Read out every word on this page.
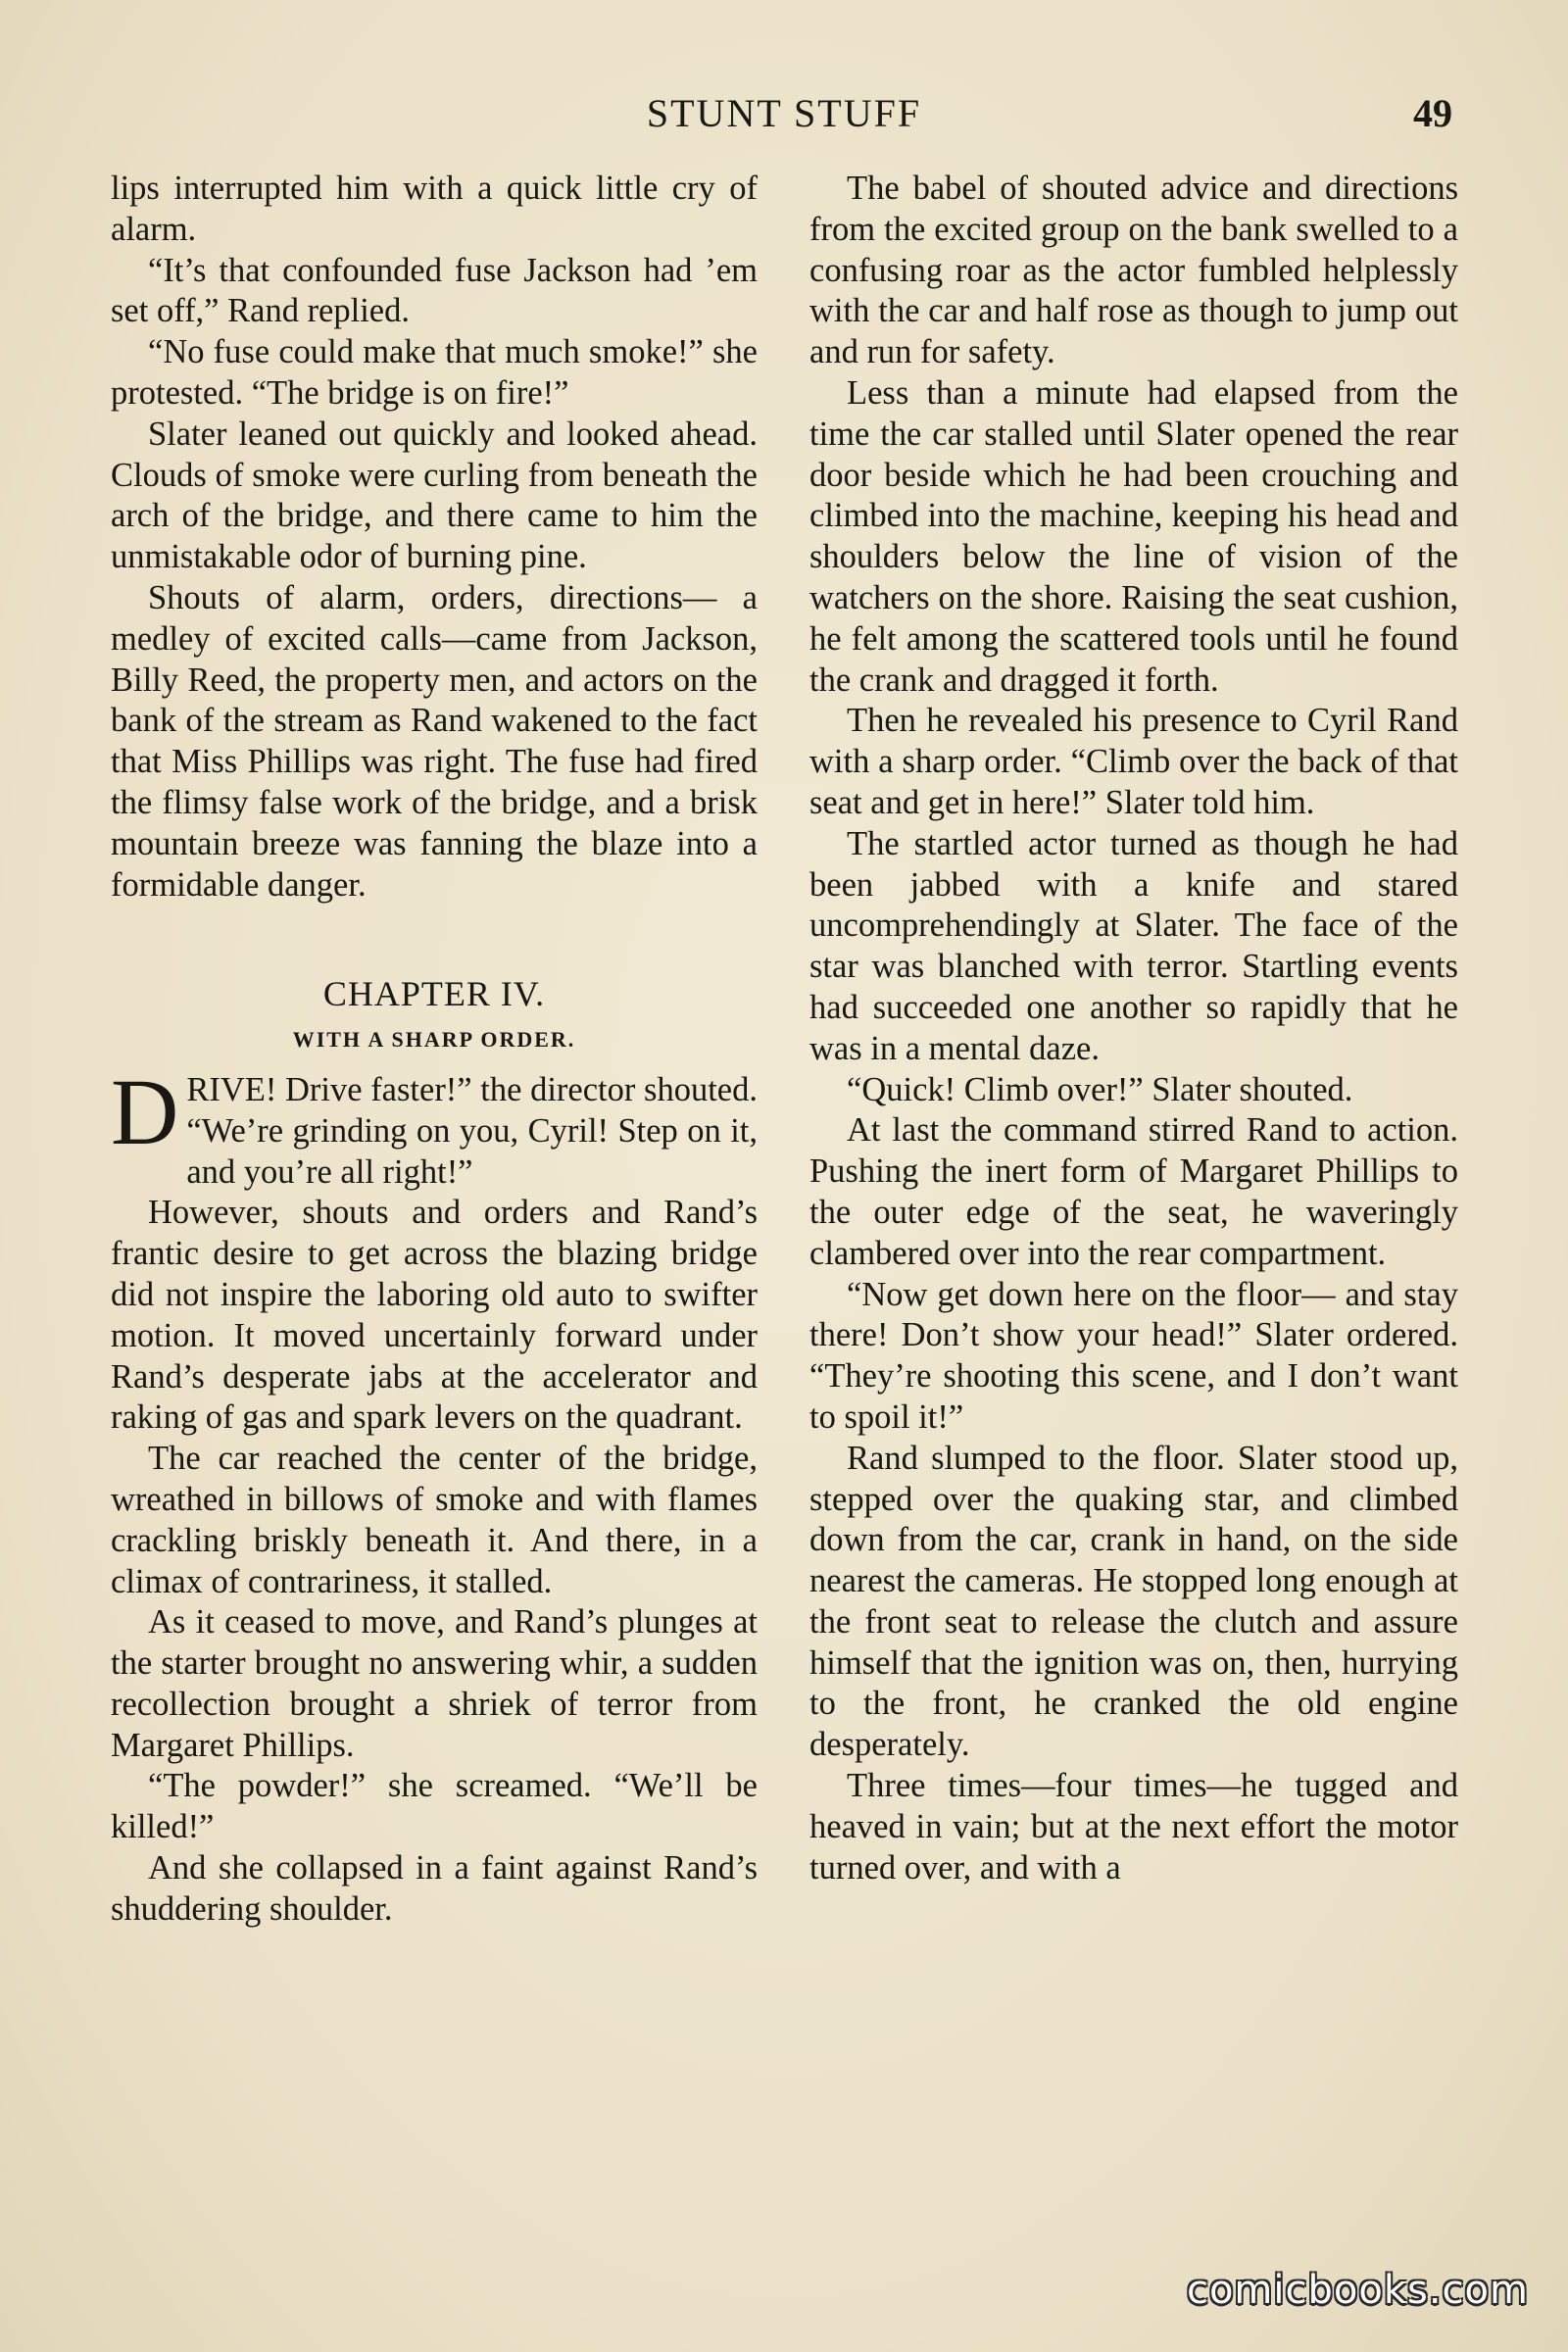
STUNT STUFF	49

lips interrupted him with a quick little cry of alarm.

“It’s that confounded fuse Jackson had ’em set off,” Rand replied.

“No fuse could make that much smoke!” she protested. “The bridge is on fire!”

Slater leaned out quickly and looked ahead. Clouds of smoke were curling from beneath the arch of the bridge, and there came to him the unmistakable odor of burning pine.

Shouts of alarm, orders, directions— a medley of excited calls—came from Jackson, Billy Reed, the property men, and actors on the bank of the stream as Rand wakened to the fact that Miss Phillips was right. The fuse had fired the flimsy false work of the bridge, and a brisk mountain breeze was fanning the blaze into a formidable danger.

CHAPTER IV.
WITH A SHARP ORDER.

DRIVE! Drive faster!” the director shouted. “We’re grinding on you, Cyril! Step on it, and you’re all right!”

However, shouts and orders and Rand’s frantic desire to get across the blazing bridge did not inspire the laboring old auto to swifter motion. It moved uncertainly forward under Rand’s desperate jabs at the accelerator and raking of gas and spark levers on the quadrant.

The car reached the center of the bridge, wreathed in billows of smoke and with flames crackling briskly beneath it. And there, in a climax of contrariness, it stalled.

As it ceased to move, and Rand’s plunges at the starter brought no answering whir, a sudden recollection brought a shriek of terror from Margaret Phillips.

“The powder!” she screamed. “We’ll be killed!”

And she collapsed in a faint against Rand’s shuddering shoulder.

The babel of shouted advice and directions from the excited group on the bank swelled to a confusing roar as the actor fumbled helplessly with the car and half rose as though to jump out and run for safety.

Less than a minute had elapsed from the time the car stalled until Slater opened the rear door beside which he had been crouching and climbed into the machine, keeping his head and shoulders below the line of vision of the watchers on the shore. Raising the seat cushion, he felt among the scattered tools until he found the crank and dragged it forth.

Then he revealed his presence to Cyril Rand with a sharp order. “Climb over the back of that seat and get in here!” Slater told him.

The startled actor turned as though he had been jabbed with a knife and stared uncomprehendingly at Slater. The face of the star was blanched with terror. Startling events had succeeded one another so rapidly that he was in a mental daze.

“Quick! Climb over!” Slater shouted.

At last the command stirred Rand to action. Pushing the inert form of Margaret Phillips to the outer edge of the seat, he waveringly clambered over into the rear compartment.

“Now get down here on the floor— and stay there! Don’t show your head!” Slater ordered. “They’re shooting this scene, and I don’t want to spoil it!”

Rand slumped to the floor. Slater stood up, stepped over the quaking star, and climbed down from the car, crank in hand, on the side nearest the cameras. He stopped long enough at the front seat to release the clutch and assure himself that the ignition was on, then, hurrying to the front, he cranked the old engine desperately.

Three times—four times—he tugged and heaved in vain; but at the next effort the motor turned over, and with a

comicbooks.com
